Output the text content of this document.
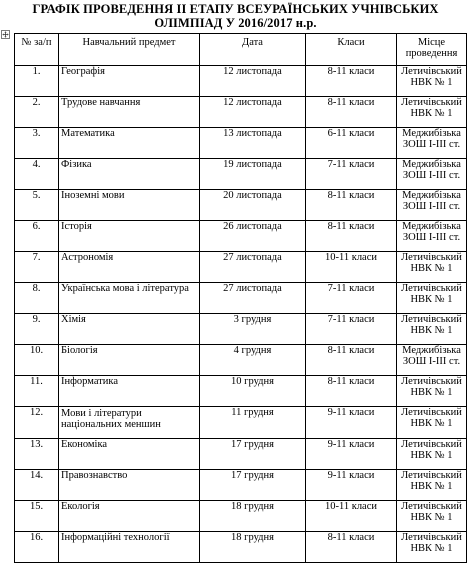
ГРАФІК ПРОВЕДЕННЯ ІІ ЕТАПУ ВСЕУРАЇНСЬКИХ УЧНІВСЬКИХ
ОЛІМПІАД У 2016/2017 н.р.
№ за/п	Навчальний предмет	Дата	Класи	Місце проведення
1.	Географія	12 листопада	8-11 класи	Летичівський НВК № 1
2.	Трудове навчання	12 листопада	8-11 класи	Летичівський НВК № 1
3.	Математика	13 листопада	6-11 класи	Меджибізька ЗОШ І-ІІІ ст.
4.	Фізика	19 листопада	7-11 класи	Меджибізька ЗОШ І-ІІІ ст.
5.	Іноземні мови	20 листопада	8-11 класи	Меджибізька ЗОШ І-ІІІ ст.
6.	Історія	26 листопада	8-11 класи	Меджибізька ЗОШ І-ІІІ ст.
7.	Астрономія	27 листопада	10-11 класи	Летичівський НВК № 1
8.	Українська мова і література	27 листопада	7-11 класи	Летичівський НВК № 1
9.	Хімія	3 грудня	7-11 класи	Летичівський НВК № 1
10.	Біологія	4 грудня	8-11 класи	Меджибізька ЗОШ І-ІІІ ст.
11.	Інформатика	10 грудня	8-11 класи	Летичівський НВК № 1
12.	Мови і літератури національних меншин	11 грудня	9-11 класи	Летичівський НВК № 1
13.	Економіка	17 грудня	9-11 класи	Летичівський НВК № 1
14.	Правознавство	17 грудня	9-11 класи	Летичівський НВК № 1
15.	Екологія	18 грудня	10-11 класи	Летичівський НВК № 1
16.	Інформаційні технології	18 грудня	8-11 класи	Летичівський НВК № 1
